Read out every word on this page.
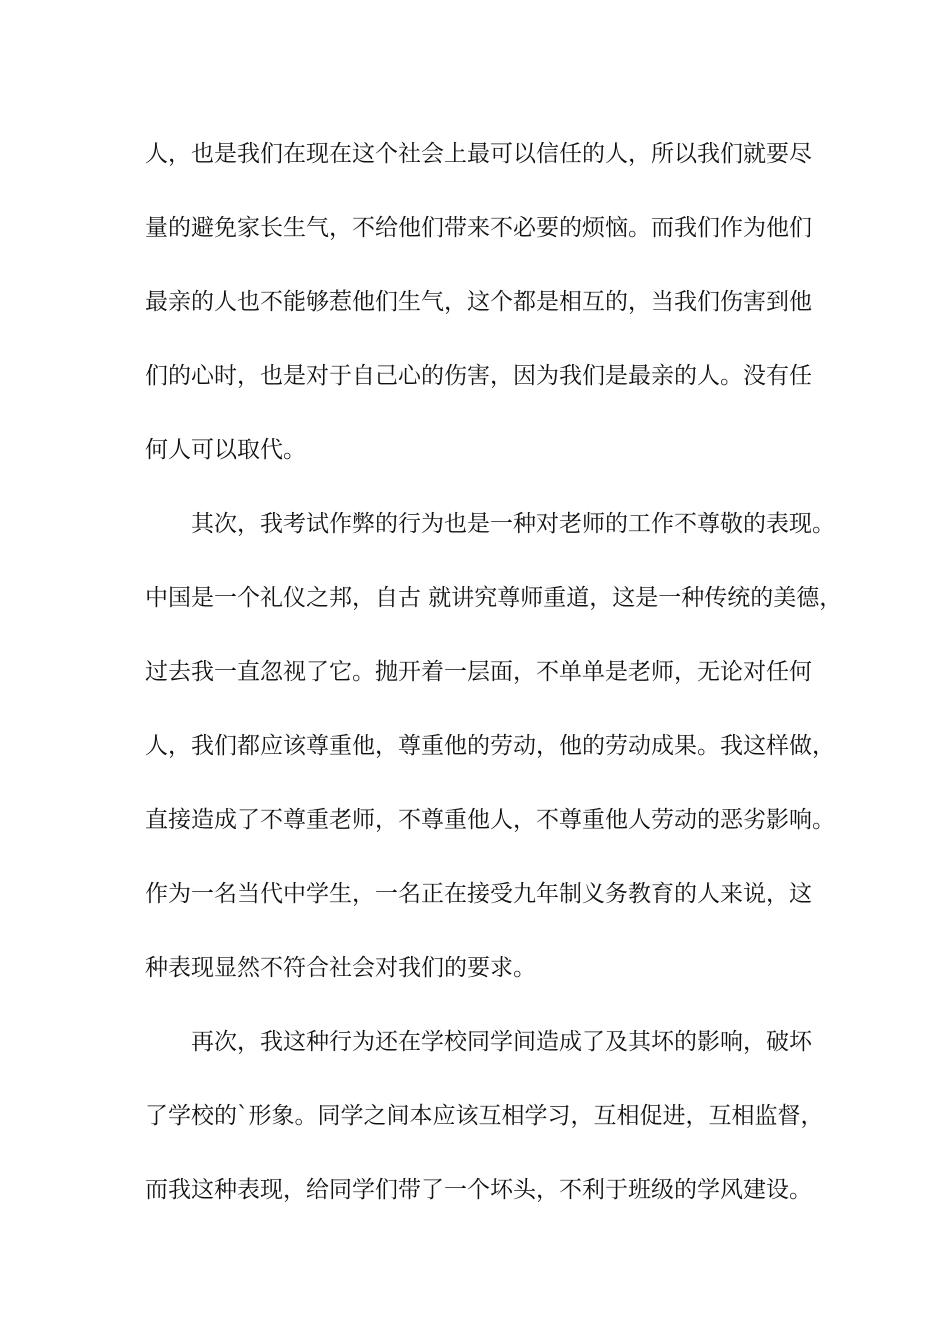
人，也是我们在现在这个社会上最可以信任的人，所以我们就要尽

量的避免家长生气，不给他们带来不必要的烦恼。而我们作为他们

最亲的人也不能够惹他们生气，这个都是相互的，当我们伤害到他

们的心时，也是对于自己心的伤害，因为我们是最亲的人。没有任

何人可以取代。

其次，我考试作弊的行为也是一种对老师的工作不尊敬的表现。

中国是一个礼仪之邦，自古 就讲究尊师重道，这是一种传统的美德，

过去我一直忽视了它。抛开着一层面，不单单是老师，无论对任何

人，我们都应该尊重他，尊重他的劳动，他的劳动成果。我这样做，

直接造成了不尊重老师，不尊重他人，不尊重他人劳动的恶劣影响。

作为一名当代中学生，一名正在接受九年制义务教育的人来说，这

种表现显然不符合社会对我们的要求。

再次，我这种行为还在学校同学间造成了及其坏的影响，破坏

了学校的`形象。同学之间本应该互相学习，互相促进，互相监督，

而我这种表现，给同学们带了一个坏头，不利于班级的学风建设。
